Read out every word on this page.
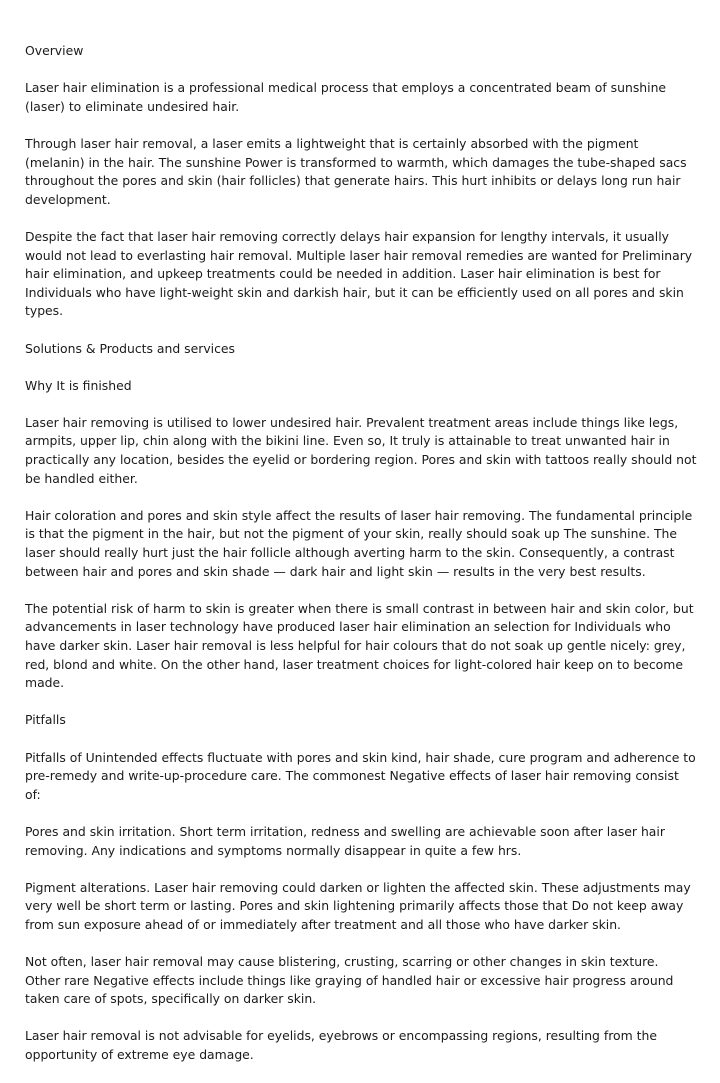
Overview

Laser hair elimination is a professional medical process that employs a concentrated beam of sunshine (laser) to eliminate undesired hair.

Through laser hair removal, a laser emits a lightweight that is certainly absorbed with the pigment (melanin) in the hair. The sunshine Power is transformed to warmth, which damages the tube-shaped sacs throughout the pores and skin (hair follicles) that generate hairs. This hurt inhibits or delays long run hair development.

Despite the fact that laser hair removing correctly delays hair expansion for lengthy intervals, it usually would not lead to everlasting hair removal. Multiple laser hair removal remedies are wanted for Preliminary hair elimination, and upkeep treatments could be needed in addition. Laser hair elimination is best for Individuals who have light-weight skin and darkish hair, but it can be efficiently used on all pores and skin types.

Solutions & Products and services

Why It is finished

Laser hair removing is utilised to lower undesired hair. Prevalent treatment areas include things like legs, armpits, upper lip, chin along with the bikini line. Even so, It truly is attainable to treat unwanted hair in practically any location, besides the eyelid or bordering region. Pores and skin with tattoos really should not be handled either.

Hair coloration and pores and skin style affect the results of laser hair removing. The fundamental principle is that the pigment in the hair, but not the pigment of your skin, really should soak up The sunshine. The laser should really hurt just the hair follicle although averting harm to the skin. Consequently, a contrast between hair and pores and skin shade — dark hair and light skin — results in the very best results.

The potential risk of harm to skin is greater when there is small contrast in between hair and skin color, but advancements in laser technology have produced laser hair elimination an selection for Individuals who have darker skin. Laser hair removal is less helpful for hair colours that do not soak up gentle nicely: grey, red, blond and white. On the other hand, laser treatment choices for light-colored hair keep on to become made.

Pitfalls

Pitfalls of Unintended effects fluctuate with pores and skin kind, hair shade, cure program and adherence to pre-remedy and write-up-procedure care. The commonest Negative effects of laser hair removing consist of:

Pores and skin irritation. Short term irritation, redness and swelling are achievable soon after laser hair removing. Any indications and symptoms normally disappear in quite a few hrs.

Pigment alterations. Laser hair removing could darken or lighten the affected skin. These adjustments may very well be short term or lasting. Pores and skin lightening primarily affects those that Do not keep away from sun exposure ahead of or immediately after treatment and all those who have darker skin.

Not often, laser hair removal may cause blistering, crusting, scarring or other changes in skin texture. Other rare Negative effects include things like graying of handled hair or excessive hair progress around taken care of spots, specifically on darker skin.

Laser hair removal is not advisable for eyelids, eyebrows or encompassing regions, resulting from the opportunity of extreme eye damage.
